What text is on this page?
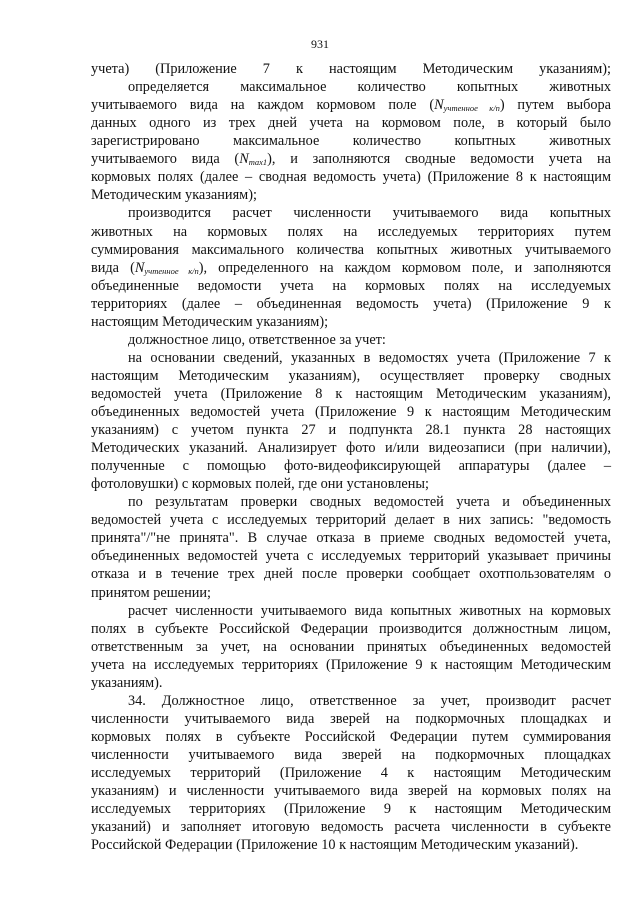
931
учета) (Приложение 7 к настоящим Методическим указаниям);
определяется максимальное количество копытных животных
учитываемого вида на каждом кормовом поле $(N_{учтенное к/п})$ путем выбора
данных одного из трех дней учета на кормовом поле, в который было
зарегистрировано максимальное количество копытных животных
учитываемого вида $(N_{max1})$, и заполняются сводные ведомости учета на
кормовых полях (далее – сводная ведомость учета) (Приложение 8 к настоящим
Методическим указаниям);
производится расчет численности учитываемого вида копытных
животных на кормовых полях на исследуемых территориях путем
суммирования максимального количества копытных животных учитываемого
вида $(N_{учтенное к/п})$, определенного на каждом кормовом поле, и заполняются
объединенные ведомости учета на кормовых полях на исследуемых
территориях (далее – объединенная ведомость учета) (Приложение 9 к
настоящим Методическим указаниям);
должностное лицо, ответственное за учет:
на основании сведений, указанных в ведомостях учета (Приложение 7 к
настоящим Методическим указаниям), осуществляет проверку сводных
ведомостей учета (Приложение 8 к настоящим Методическим указаниям),
объединенных ведомостей учета (Приложение 9 к настоящим Методическим
указаниям) с учетом пункта 27 и подпункта 28.1 пункта 28 настоящих
Методических указаний. Анализирует фото и/или видеозаписи (при наличии),
полученные с помощью фото-видеофиксирующей аппаратуры (далее –
фотоловушки) с кормовых полей, где они установлены;
по результатам проверки сводных ведомостей учета и объединенных
ведомостей учета с исследуемых территорий делает в них запись: "ведомость
принята"/"не принята". В случае отказа в приеме сводных ведомостей учета,
объединенных ведомостей учета с исследуемых территорий указывает причины
отказа и в течение трех дней после проверки сообщает охотпользователям о
принятом решении;
расчет численности учитываемого вида копытных животных на кормовых
полях в субъекте Российской Федерации производится должностным лицом,
ответственным за учет, на основании принятых объединенных ведомостей
учета на исследуемых территориях (Приложение 9 к настоящим Методическим
указаниям).
34. Должностное лицо, ответственное за учет, производит расчет
численности учитываемого вида зверей на подкормочных площадках и
кормовых полях в субъекте Российской Федерации путем суммирования
численности учитываемого вида зверей на подкормочных площадках
исследуемых территорий (Приложение 4 к настоящим Методическим
указаниям) и численности учитываемого вида зверей на кормовых полях на
исследуемых территориях (Приложение 9 к настоящим Методическим
указаний) и заполняет итоговую ведомость расчета численности в субъекте
Российской Федерации (Приложение 10 к настоящим Методическим указаний).
